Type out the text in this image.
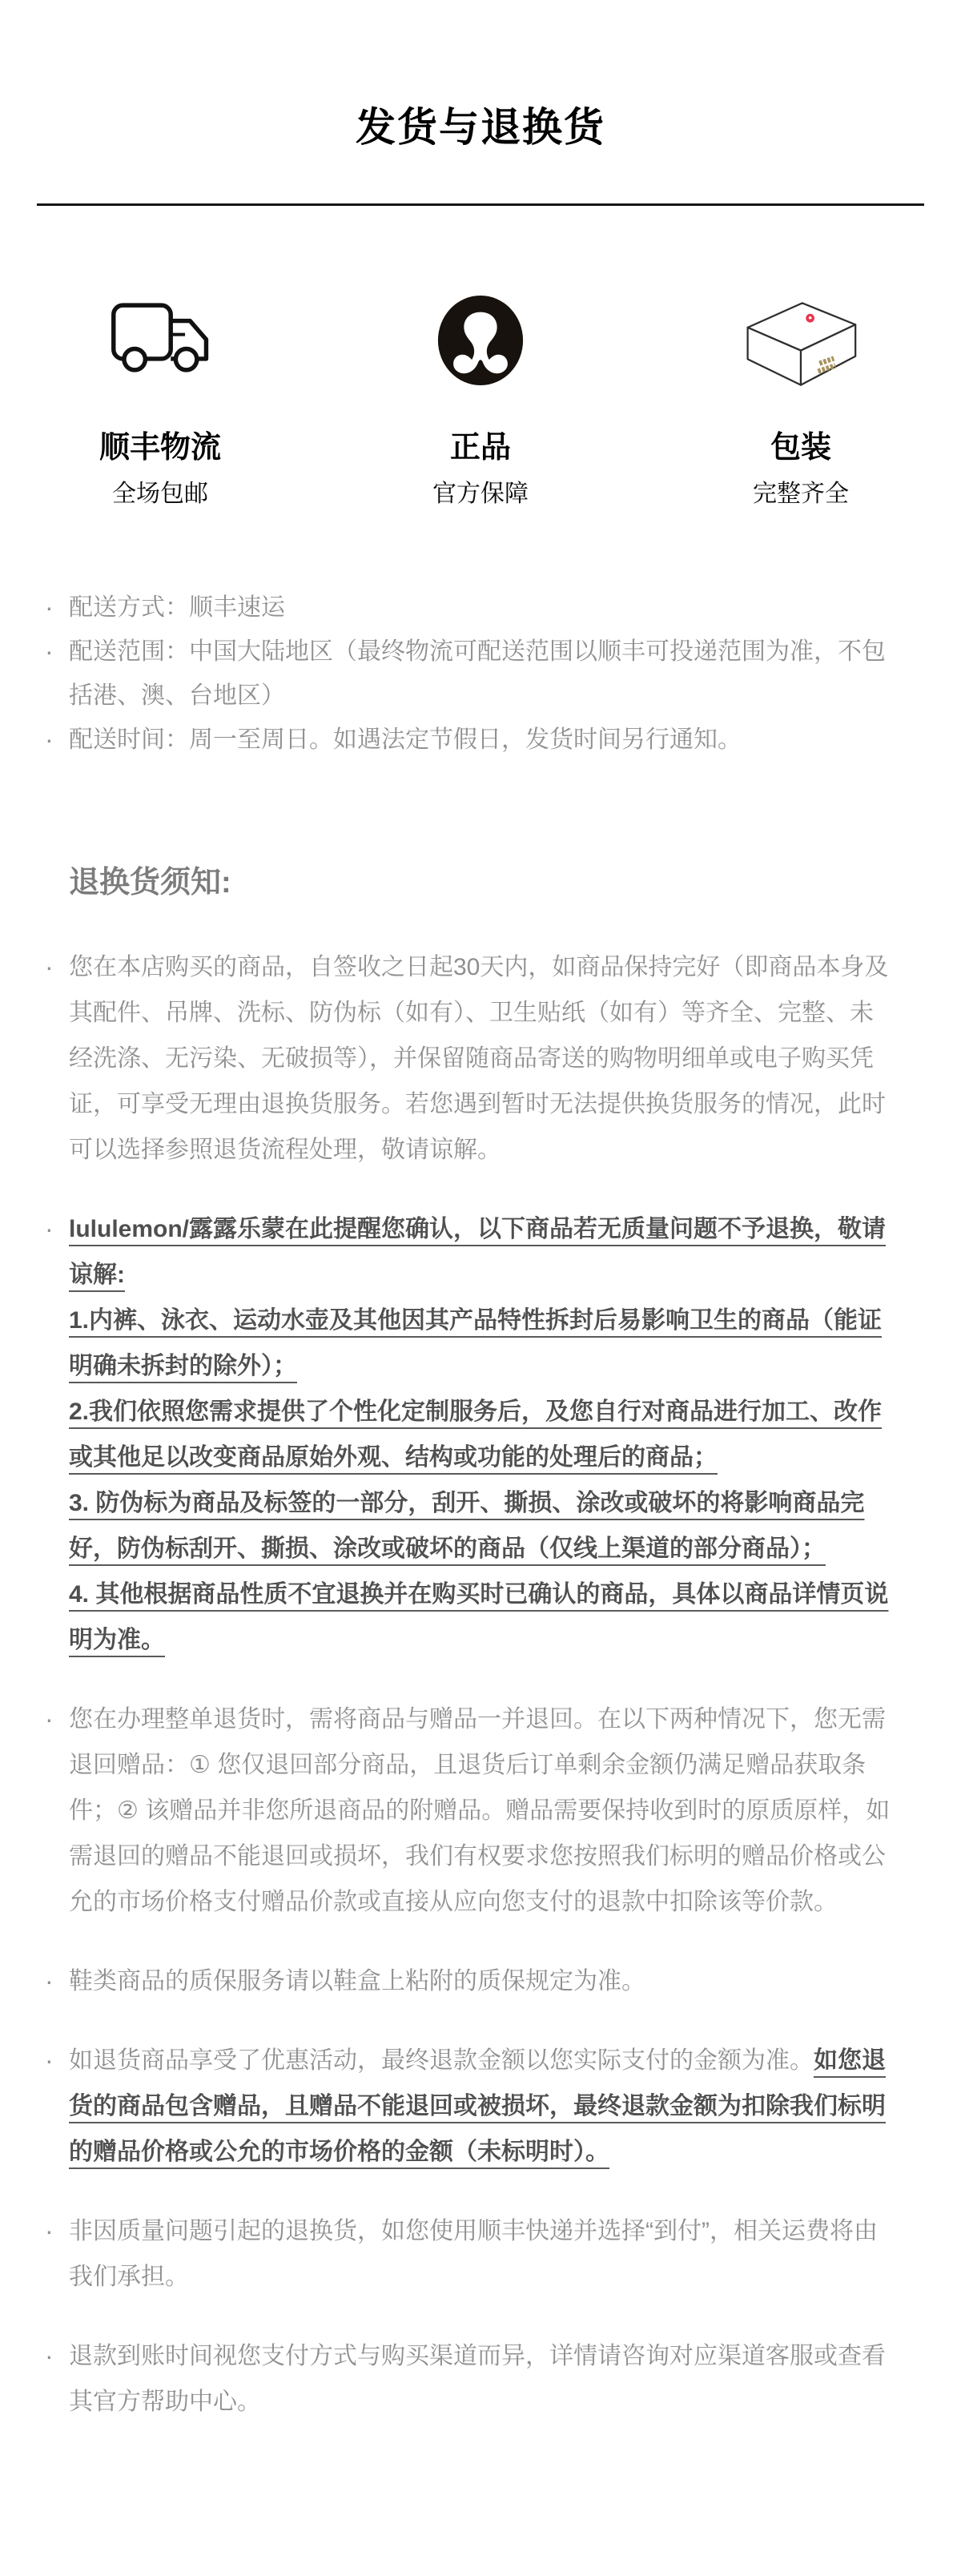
发货与退换货
顺丰物流
全场包邮
正品
官方保障
包装
完整齐全
· 配送方式：顺丰速运
· 配送范围：中国大陆地区（最终物流可配送范围以顺丰可投递范围为准，不包括港、澳、台地区）
· 配送时间：周一至周日。如遇法定节假日，发货时间另行通知。
退换货须知:
· 您在本店购买的商品，自签收之日起30天内，如商品保持完好（即商品本身及其配件、吊牌、洗标、防伪标（如有）、卫生贴纸（如有）等齐全、完整、未经洗涤、无污染、无破损等），并保留随商品寄送的购物明细单或电子购买凭证，可享受无理由退换货服务。若您遇到暂时无法提供换货服务的情况，此时可以选择参照退货流程处理，敬请谅解。
· lululemon/露露乐蒙在此提醒您确认，以下商品若无质量问题不予退换，敬请谅解:
1.内裤、泳衣、运动水壶及其他因其产品特性拆封后易影响卫生的商品（能证明确未拆封的除外）；
2.我们依照您需求提供了个性化定制服务后，及您自行对商品进行加工、改作或其他足以改变商品原始外观、结构或功能的处理后的商品；
3. 防伪标为商品及标签的一部分，刮开、撕损、涂改或破坏的将影响商品完好，防伪标刮开、撕损、涂改或破坏的商品（仅线上渠道的部分商品）；
4. 其他根据商品性质不宜退换并在购买时已确认的商品，具体以商品详情页说明为准。
· 您在办理整单退货时，需将商品与赠品一并退回。在以下两种情况下，您无需退回赠品：① 您仅退回部分商品，且退货后订单剩余金额仍满足赠品获取条件；② 该赠品并非您所退商品的附赠品。赠品需要保持收到时的原质原样，如需退回的赠品不能退回或损坏，我们有权要求您按照我们标明的赠品价格或公允的市场价格支付赠品价款或直接从应向您支付的退款中扣除该等价款。
· 鞋类商品的质保服务请以鞋盒上粘附的质保规定为准。
· 如退货商品享受了优惠活动，最终退款金额以您实际支付的金额为准。如您退货的商品包含赠品，且赠品不能退回或被损坏，最终退款金额为扣除我们标明的赠品价格或公允的市场价格的金额（未标明时）。
· 非因质量问题引起的退换货，如您使用顺丰快递并选择“到付”，相关运费将由我们承担。
· 退款到账时间视您支付方式与购买渠道而异，详情请咨询对应渠道客服或查看其官方帮助中心。
